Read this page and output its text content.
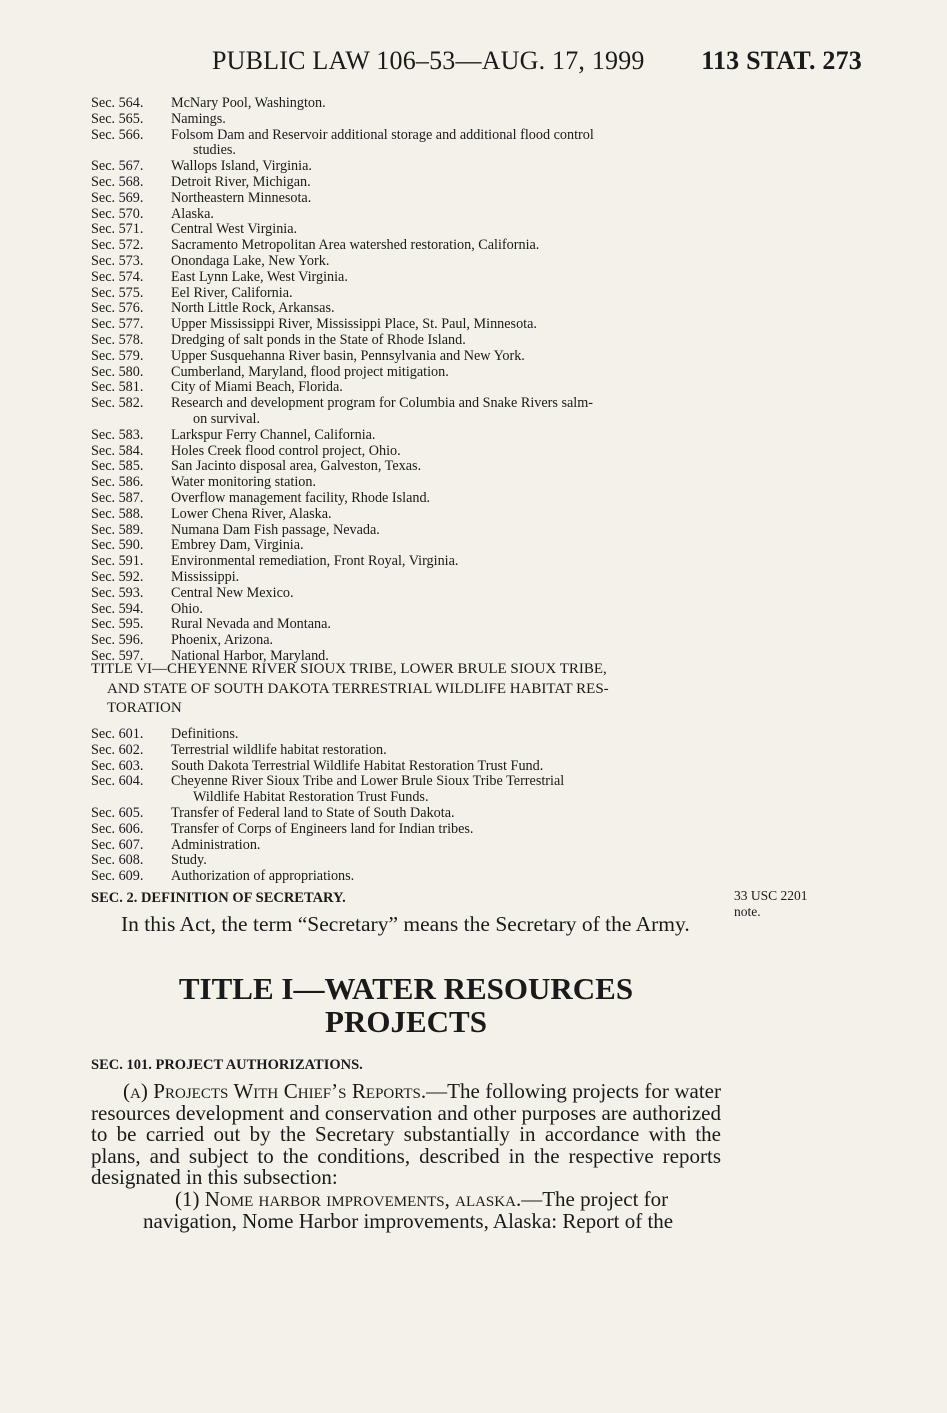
PUBLIC LAW 106–53—AUG. 17, 1999 113 STAT. 273
Sec. 564.	McNary Pool, Washington.
Sec. 565.	Namings.
Sec. 566.	Folsom Dam and Reservoir additional storage and additional flood control
studies.
Sec. 567.	Wallops Island, Virginia.
Sec. 568.	Detroit River, Michigan.
Sec. 569.	Northeastern Minnesota.
Sec. 570.	Alaska.
Sec. 571.	Central West Virginia.
Sec. 572.	Sacramento Metropolitan Area watershed restoration, California.
Sec. 573.	Onondaga Lake, New York.
Sec. 574.	East Lynn Lake, West Virginia.
Sec. 575.	Eel River, California.
Sec. 576.	North Little Rock, Arkansas.
Sec. 577.	Upper Mississippi River, Mississippi Place, St. Paul, Minnesota.
Sec. 578.	Dredging of salt ponds in the State of Rhode Island.
Sec. 579.	Upper Susquehanna River basin, Pennsylvania and New York.
Sec. 580.	Cumberland, Maryland, flood project mitigation.
Sec. 581.	City of Miami Beach, Florida.
Sec. 582.	Research and development program for Columbia and Snake Rivers salm-
on survival.
Sec. 583.	Larkspur Ferry Channel, California.
Sec. 584.	Holes Creek flood control project, Ohio.
Sec. 585.	San Jacinto disposal area, Galveston, Texas.
Sec. 586.	Water monitoring station.
Sec. 587.	Overflow management facility, Rhode Island.
Sec. 588.	Lower Chena River, Alaska.
Sec. 589.	Numana Dam Fish passage, Nevada.
Sec. 590.	Embrey Dam, Virginia.
Sec. 591.	Environmental remediation, Front Royal, Virginia.
Sec. 592.	Mississippi.
Sec. 593.	Central New Mexico.
Sec. 594.	Ohio.
Sec. 595.	Rural Nevada and Montana.
Sec. 596.	Phoenix, Arizona.
Sec. 597.	National Harbor, Maryland.
TITLE VI—CHEYENNE RIVER SIOUX TRIBE, LOWER BRULE SIOUX TRIBE,
AND STATE OF SOUTH DAKOTA TERRESTRIAL WILDLIFE HABITAT RES-
TORATION
Sec. 601.	Definitions.
Sec. 602.	Terrestrial wildlife habitat restoration.
Sec. 603.	South Dakota Terrestrial Wildlife Habitat Restoration Trust Fund.
Sec. 604.	Cheyenne River Sioux Tribe and Lower Brule Sioux Tribe Terrestrial
Wildlife Habitat Restoration Trust Funds.
Sec. 605.	Transfer of Federal land to State of South Dakota.
Sec. 606.	Transfer of Corps of Engineers land for Indian tribes.
Sec. 607.	Administration.
Sec. 608.	Study.
Sec. 609.	Authorization of appropriations.
SEC. 2. DEFINITION OF SECRETARY.	33 USC 2201
note.
In this Act, the term “Secretary” means the Secretary of the Army.
TITLE I—WATER RESOURCES
PROJECTS
SEC. 101. PROJECT AUTHORIZATIONS.
(a) Projects With Chief’s Reports.—The following projects for water resources development and conservation and other purposes are authorized to be carried out by the Secretary substantially in accordance with the plans, and subject to the conditions, described in the respective reports designated in this subsection:
(1) Nome harbor improvements, alaska.—The project for
navigation, Nome Harbor improvements, Alaska: Report of the
